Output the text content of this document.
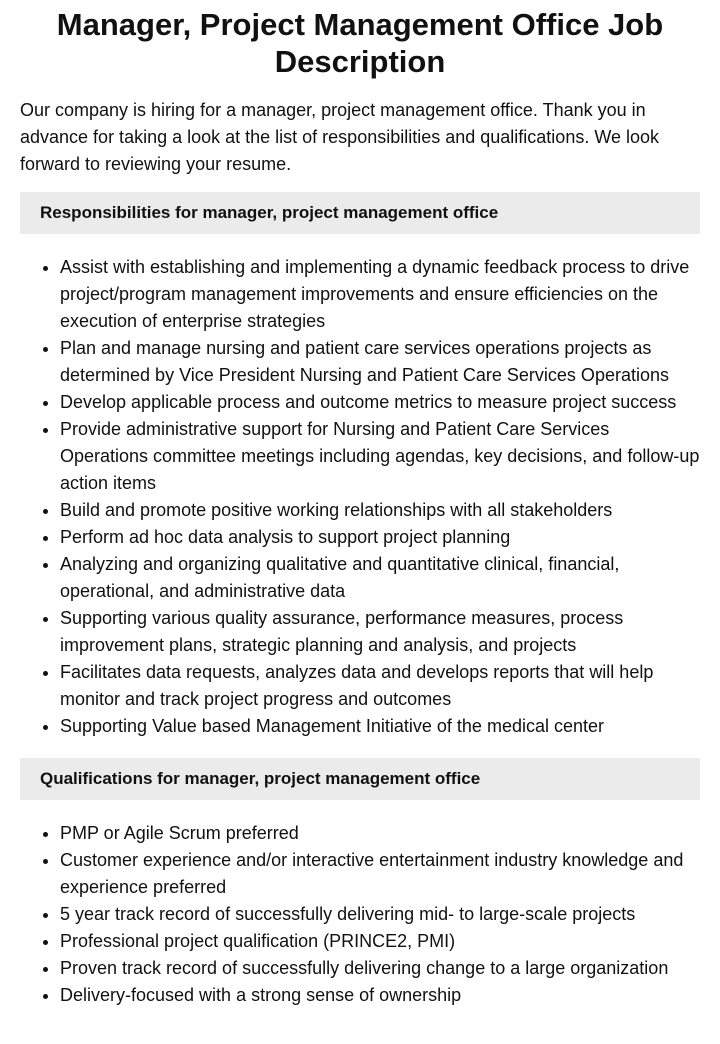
Manager, Project Management Office Job Description

Our company is hiring for a manager, project management office. Thank you in advance for taking a look at the list of responsibilities and qualifications. We look forward to reviewing your resume.

Responsibilities for manager, project management office
• Assist with establishing and implementing a dynamic feedback process to drive project/program management improvements and ensure efficiencies on the execution of enterprise strategies
• Plan and manage nursing and patient care services operations projects as determined by Vice President Nursing and Patient Care Services Operations
• Develop applicable process and outcome metrics to measure project success
• Provide administrative support for Nursing and Patient Care Services Operations committee meetings including agendas, key decisions, and follow-up action items
• Build and promote positive working relationships with all stakeholders
• Perform ad hoc data analysis to support project planning
• Analyzing and organizing qualitative and quantitative clinical, financial, operational, and administrative data
• Supporting various quality assurance, performance measures, process improvement plans, strategic planning and analysis, and projects
• Facilitates data requests, analyzes data and develops reports that will help monitor and track project progress and outcomes
• Supporting Value based Management Initiative of the medical center
Qualifications for manager, project management office
• PMP or Agile Scrum preferred
• Customer experience and/or interactive entertainment industry knowledge and experience preferred
• 5 year track record of successfully delivering mid- to large-scale projects
• Professional project qualification (PRINCE2, PMI)
• Proven track record of successfully delivering change to a large organization
• Delivery-focused with a strong sense of ownership
